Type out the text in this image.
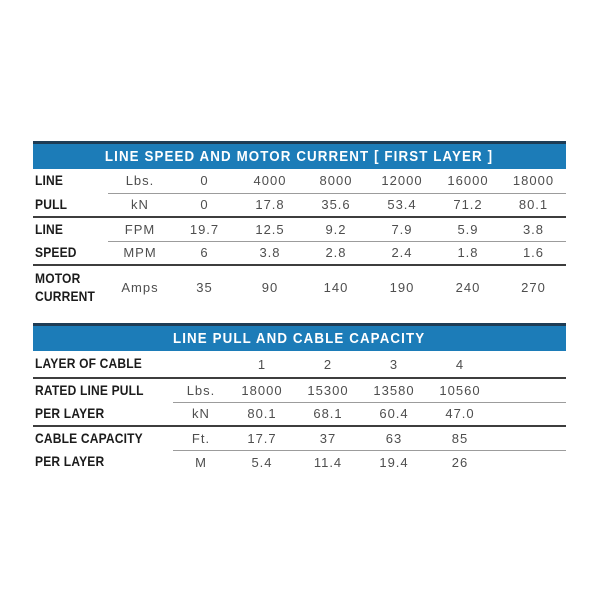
LINE SPEED AND MOTOR CURRENT [ FIRST LAYER ]
LINE	Lbs.	0	4000	8000	12000	16000	18000
PULL	kN	0	17.8	35.6	53.4	71.2	80.1
LINE	FPM	19.7	12.5	9.2	7.9	5.9	3.8
SPEED	MPM	6	3.8	2.8	2.4	1.8	1.6
MOTOR CURRENT	Amps	35	90	140	190	240	270
LINE PULL AND CABLE CAPACITY
LAYER OF CABLE		1	2	3	4	
RATED LINE PULL	Lbs.	18000	15300	13580	10560	
PER LAYER	kN	80.1	68.1	60.4	47.0	
CABLE CAPACITY	Ft.	17.7	37	63	85	
PER LAYER	M	5.4	11.4	19.4	26	
